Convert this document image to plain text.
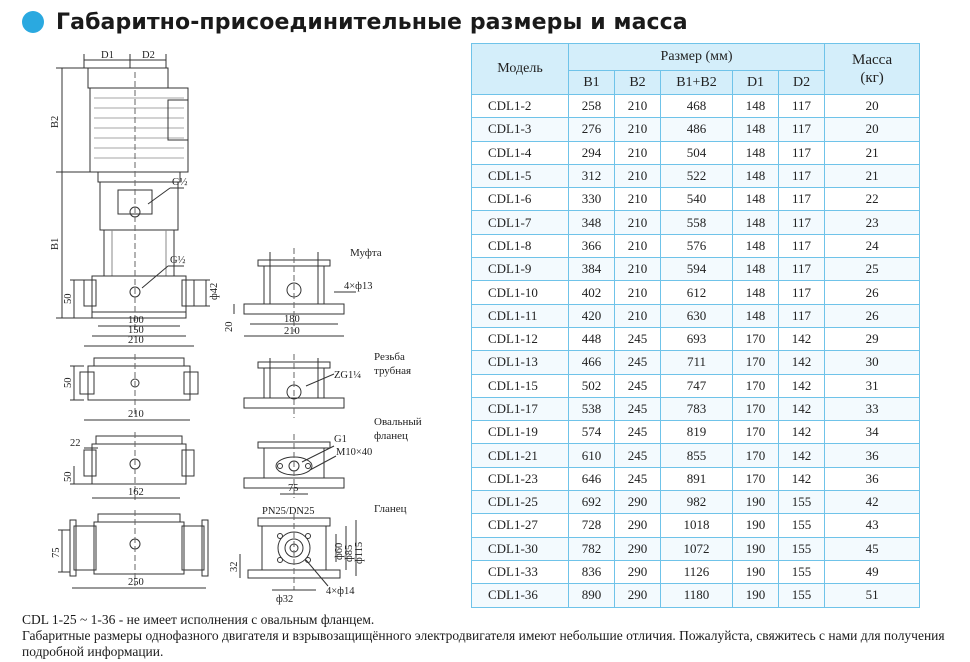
Габаритно-присоединительные размеры и масса
D1	D2
B2
B1
G½
G½
50	ф42
100
150
210
50
210
22
50
162
75
250
Муфта
4×ф13
20
180
210
Резьба
трубная
ZG1¼
Овальный
фланец
G1
M10×40
75
PN25/DN25	Гланец
ф60 ф85 ф115
32
4×ф14
ф32
Модель	Размер (мм)					Масса
(кг)
	B1	B2	B1+B2	D1	D2	
CDL1-2	258	210	468	148	117	20
CDL1-3	276	210	486	148	117	20
CDL1-4	294	210	504	148	117	21
CDL1-5	312	210	522	148	117	21
CDL1-6	330	210	540	148	117	22
CDL1-7	348	210	558	148	117	23
CDL1-8	366	210	576	148	117	24
CDL1-9	384	210	594	148	117	25
CDL1-10	402	210	612	148	117	26
CDL1-11	420	210	630	148	117	26
CDL1-12	448	245	693	170	142	29
CDL1-13	466	245	711	170	142	30
CDL1-15	502	245	747	170	142	31
CDL1-17	538	245	783	170	142	33
CDL1-19	574	245	819	170	142	34
CDL1-21	610	245	855	170	142	36
CDL1-23	646	245	891	170	142	36
CDL1-25	692	290	982	190	155	42
CDL1-27	728	290	1018	190	155	43
CDL1-30	782	290	1072	190	155	45
CDL1-33	836	290	1126	190	155	49
CDL1-36	890	290	1180	190	155	51

CDL 1-25 ~ 1-36 - не имеет исполнения с овальным фланцем.

Габаритные размеры однофазного двигателя и взрывозащищённого электродвигателя имеют небольшие отличия. Пожалуйста, свяжитесь с нами для получения подробной информации.
